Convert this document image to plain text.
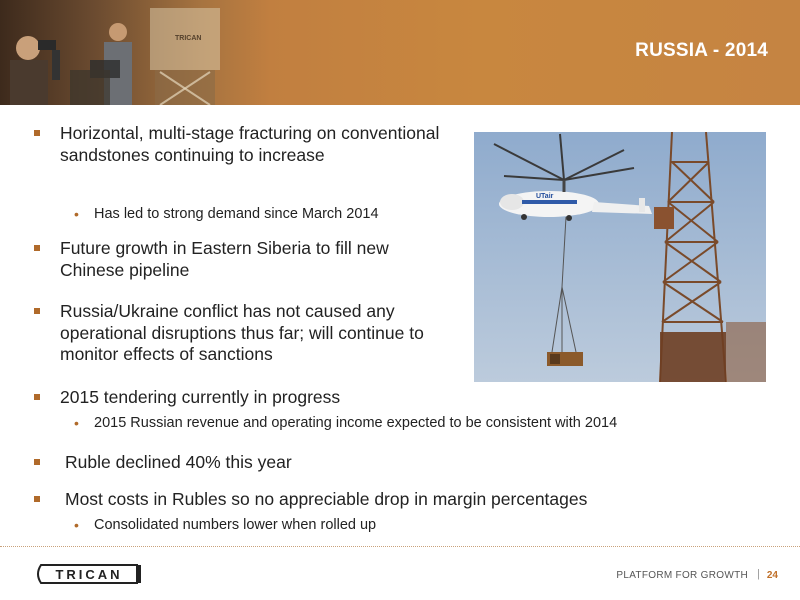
TRICAN
RUSSIA - 2014
Horizontal, multi-stage fracturing on conventional sandstones continuing to increase
• Has led to strong demand since March 2014
Future growth in Eastern Siberia to fill new Chinese pipeline
Russia/Ukraine conflict has not caused any operational disruptions thus far; will continue to monitor effects of sanctions
2015 tendering currently in progress
• 2015 Russian revenue and operating income expected to be consistent with 2014
Ruble declined 40% this year
Most costs in Rubles so no appreciable drop in margin percentages
• Consolidated numbers lower when rolled up
UTair
TRICAN	PLATFORM FOR GROWTH | 24
